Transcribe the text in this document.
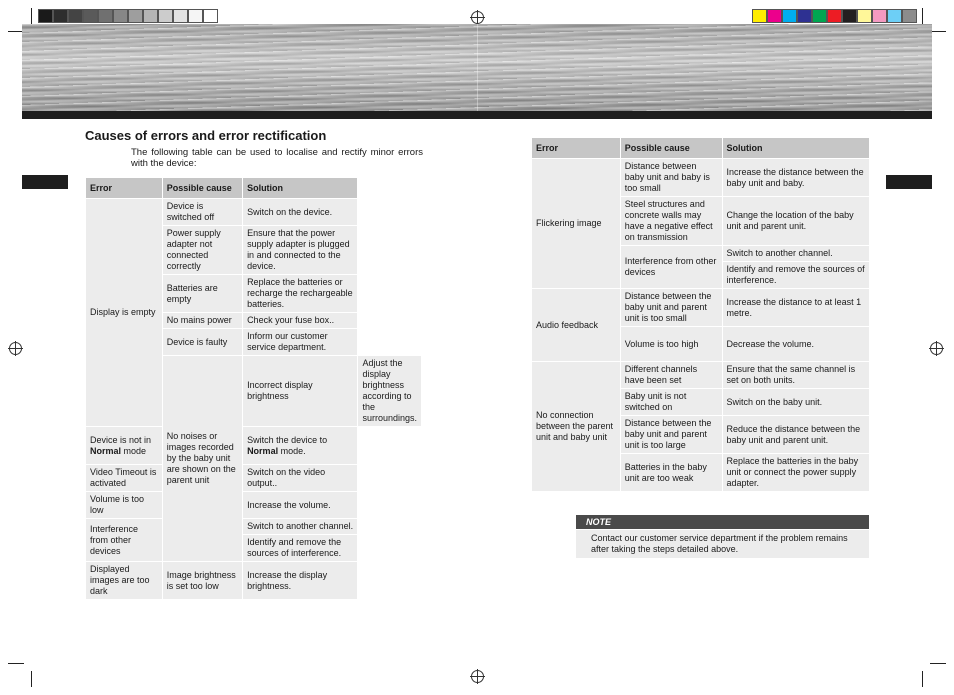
Causes of errors and error rectification
The following table can be used to localise and rectify minor errors with the device:
Error	Possible cause	Solution	
Display is empty	Device is switched off	Switch on the device.	
	Power supply adapter not connected correctly	Ensure that the power supply adapter is plugged in and connected to the device.	
	Batteries are empty	Replace the batteries or recharge the rechargeable batteries.	
	No mains power	Check your fuse box..	
	Device is faulty	Inform our customer service department.	
	No noises or images recorded by the baby unit are shown on the parent unit	Incorrect display brightness	Adjust the display brightness according to the surroundings.
Device is not in Normal mode		Switch the device to Normal mode.	
Video Timeout is activated		Switch on the video output..	
Volume is too low		Increase the volume.	
Interference from other devices		Switch to another channel.	
		Identify and remove the sources of interference.	
Displayed images are too dark	Image brightness is set too low	Increase the display brightness.	
Error	Possible cause	Solution
Flickering image	Distance between baby unit and baby is too small	Increase the distance between the baby unit and baby.
	Steel structures and concrete walls may have a negative effect on transmission	Change the location of the baby unit and parent unit.
	Interference from other devices	Switch to another channel.
		Identify and remove the sources of interference.
Audio feedback	Distance between the baby unit and parent unit is too small	Increase the distance to at least 1 metre.
	Volume is too high	Decrease the volume.
No connection between the parent unit and baby unit	Different channels have been set	Ensure that the same channel is set on both units.
	Baby unit is not switched on	Switch on the baby unit.
	Distance between the baby unit and parent unit is too large	Reduce the distance between the baby unit and parent unit.
	Batteries in the baby unit are too weak	Replace the batteries in the baby unit or connect the power supply adapter.
NOTE
Contact our customer service department if the problem remains after taking the steps detailed above.
